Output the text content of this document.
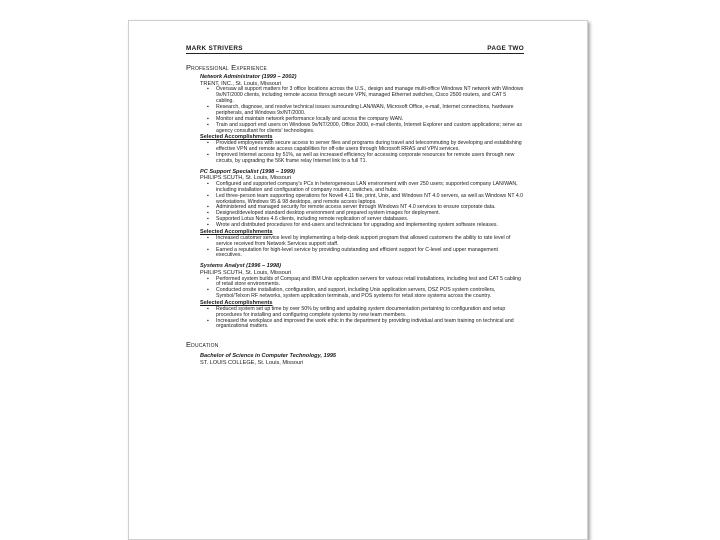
MARK STRIVERS	PAGE TWO
Professional Experience
Network Administrator (1999 – 2002)
TRENT, INC., St. Louis, Missouri
▪ Oversaw all support matters for 3 office locations across the U.S., design and manage multi-office Windows NT network with Windows 9x/NT/2000 clients, including remote access through secure VPN, managed Ethernet switches, Cisco 2500 routers, and CAT 5 cabling.
▪ Research, diagnose, and resolve technical issues surrounding LAN/WAN, Microsoft Office, e-mail, Internet connections, hardware peripherals, and Windows 9x/NT/2000.
▪ Monitor and maintain network performance locally and across the company WAN.
▪ Train and support end users on Windows 9x/NT/2000, Office 2000, e-mail clients, Internet Explorer and custom applications; serve as agency consultant for clients' technologies.
Selected Accomplishments
▪ Provided employees with secure access to server files and programs during travel and telecommuting by developing and establishing effective VPN and remote access capabilities for off-site users through Microsoft RRAS and VPN services.
▪ Improved Internet access by 51%, as well as increased efficiency for accessing corporate resources for remote users through new circuits, by upgrading the 56K frame relay Internet link to a full T1.
PC Support Specialist (1998 – 1999)
PHILIPS SCUTH, St. Louis, Missouri
▪ Configured and supported company's PCs in heterogeneous LAN environment with over 250 users; supported company LAN/WAN, including installation and configuration of company routers, switches, and hubs.
▪ Led three-person team supporting operations for Novell 4.11 file, print, Unix, and Windows NT 4.0 servers, as well as Windows NT 4.0 workstations, Windows 95 & 98 desktops, and remote access laptops.
▪ Administered and managed security for remote access server through Windows NT 4.0 services to ensure corporate data.
▪ Designed/developed standard desktop environment and prepared system images for deployment.
▪ Supported Lotus Notes 4.6 clients, including remote replication of server databases.
▪ Wrote and distributed procedures for end-users and technicians for upgrading and implementing system software releases.
Selected Accomplishments
▪ Increased customer service level by implementing a help-desk support program that allowed customers the ability to rate level of service received from Network Services support staff.
▪ Earned a reputation for high-level service by providing outstanding and efficient support for C-level and upper management executives.
Systems Analyst (1996 – 1998)
PHILIPS SCUTH, St. Louis, Missouri
▪ Performed system builds of Compaq and IBM Unix application servers for various retail installations, including test and CAT 5 cabling of retail store environments.
▪ Conducted onsite installation, configuration, and support, including Unix application servers, DSZ POS system controllers, Symbol/Telxon RF networks, system application terminals, and POS systems for retail store systems across the country.
Selected Accomplishments
▪ Reduced system set up time by over 50% by writing and updating system documentation pertaining to configuration and setup procedures for installing and configuring complete systems by new team members.
▪ Increased the workplace and improved the work ethic in the department by providing individual and team training on technical and organizational matters.
Education
Bachelor of Science in Computer Technology, 1995
ST. LOUIS COLLEGE, St. Louis, Missouri
